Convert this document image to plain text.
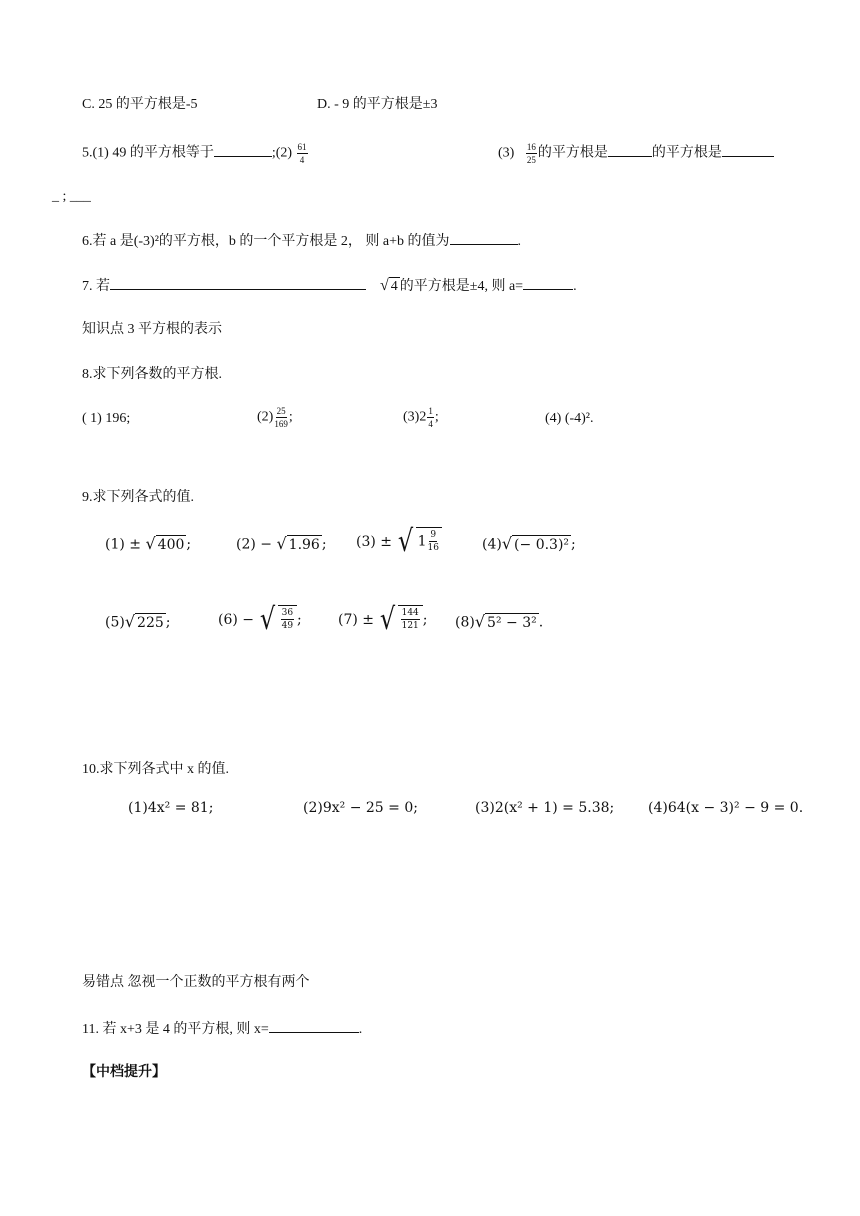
C. 25 的平方根是-5	D. - 9 的平方根是±3
5.(1) 49 的平方根等于	;(2) $\frac{61}{4}$	$(3) \frac{16}{25}$ 的平方根是	的平方根是
_ ; ___
6.若 a 是(-3)²的平方根，b 的一个平方根是 2， 则 a+b 的值为	.
7. 若	√ 4 的平方根是±4, 则 a=	.
知识点 3 平方根的表示
8.求下列各数的平方根.
( 1) 196;	$(2) \frac{25}{169}$ ;	$(3)2 \frac{1}{4}$ ;	(4) (-4)².
9.求下列各式的值.
(1) ± √ 400 ;	(2) − √ 1.96 ; (3) ± √ $1 \frac{9}{16}$	(4) √ (− 0.3)² ;
(5) √ 225 ;	(6) − √ $\frac{36}{49}$ ;	(7) ± √ $\frac{144}{121}$ ; (8) √ 5² − 3² .
10.求下列各式中 x 的值.
(1)4x² = 81;	(2)9x² − 25 = 0;	(3)2(x² + 1) = 5.38; (4)64(x − 3)² − 9 = 0.
易错点 忽视一个正数的平方根有两个
11. 若 x+3 是 4 的平方根, 则 x=	.
【中档提升】
